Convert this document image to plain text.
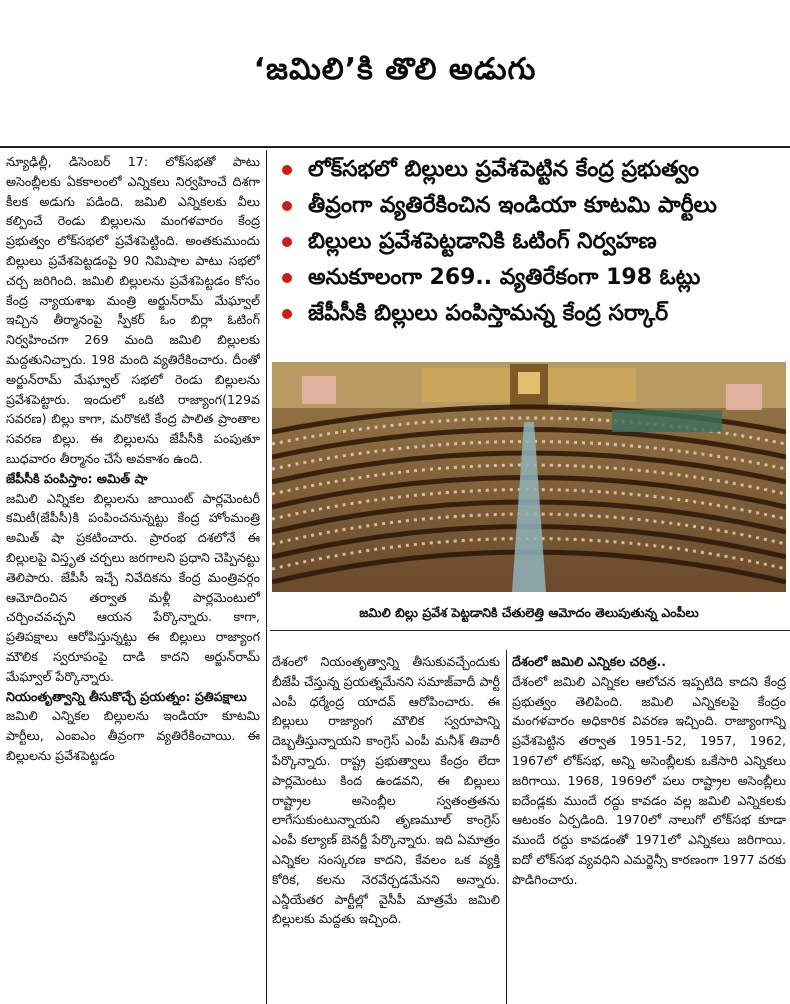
‘జమిలి’కి తొలి అడుగు

న్యూఢిల్లీ, డిసెంబర్ 17: లోక్‌సభతో పాటు అసెంబ్లీలకు ఏకకాలంలో ఎన్నికలు నిర్వహించే దిశగా కీలక అడుగు పడింది. జమిలి ఎన్నికలకు వీలు కల్పించే రెండు బిల్లులను మంగళవారం కేంద్ర ప్రభుత్వం లోక్‌సభలో ప్రవేశపెట్టింది. అంతకుముందు బిల్లులు ప్రవేశపెట్టడంపై 90 నిమిషాల పాటు సభలో చర్చ జరిగింది. జమిలి బిల్లులను ప్రవేశపెట్టడం కోసం కేంద్ర న్యాయశాఖ మంత్రి అర్జున్‌రామ్ మేఘ్వాల్ ఇచ్చిన తీర్మానంపై స్పీకర్ ఓం బిర్లా ఓటింగ్ నిర్వహించగా 269 మంది జమిలి బిల్లులకు మద్దతునిచ్చారు. 198 మంది వ్యతిరేకించారు. దీంతో అర్జున్‌రామ్ మేఘ్వాల్ సభలో రెండు బిల్లులను ప్రవేశపెట్టారు. ఇందులో ఒకటి రాజ్యాంగ(129వ సవరణ) బిల్లు కాగా, మరొకటి కేంద్ర పాలిత ప్రాంతాల సవరణ బిల్లు. ఈ బిల్లులను జేపీసీకి పంపుతూ బుధవారం తీర్మానం చేసే అవకాశం ఉంది.

జేపీసీకి పంపిస్తాం: అమిత్ షా

జమిలి ఎన్నికల బిల్లులను జాయింట్ పార్లమెంటరీ కమిటీ(జేపీసీ)కి పంపించనున్నట్టు కేంద్ర హోంమంత్రి అమిత్ షా ప్రకటించారు. ప్రారంభ దశలోనే ఈ బిల్లులపై విస్తృత చర్చలు జరగాలని ప్రధాని చెప్పినట్టు తెలిపారు. జేపీసీ ఇచ్చే నివేదికను కేంద్ర మంత్రివర్గం ఆమోదించిన తర్వాత మళ్లీ పార్లమెంటులో చర్చించవచ్చని ఆయన పేర్కొన్నారు. కాగా, ప్రతిపక్షాలు ఆరోపిస్తున్నట్టు ఈ బిల్లులు రాజ్యాంగ మౌలిక స్వరూపంపై దాడి కాదని అర్జున్‌రామ్ మేఘ్వాల్ పేర్కొన్నారు.

నియంతృత్వాన్ని తీసుకొచ్చే ప్రయత్నం: ప్రతిపక్షాలు

జమిలి ఎన్నికల బిల్లులను ఇండియా కూటమి పార్టీలు, ఎంఐఎం తీవ్రంగా వ్యతిరేకించాయి. ఈ బిల్లులను ప్రవేశపెట్టడం

లోక్‌సభలో బిల్లులు ప్రవేశపెట్టిన కేంద్ర ప్రభుత్వం
తీవ్రంగా వ్యతిరేకించిన ఇండియా కూటమి పార్టీలు
బిల్లులు ప్రవేశపెట్టడానికి ఓటింగ్ నిర్వహణ
అనుకూలంగా 269.. వ్యతిరేకంగా 198 ఓట్లు
జేపీసీకి బిల్లులు పంపిస్తామన్న కేంద్ర సర్కార్
జమిలి బిల్లు ప్రవేశ పెట్టడానికి చేతులెత్తి ఆమోదం తెలుపుతున్న ఎంపీలు

దేశంలో నియంతృత్వాన్ని తీసుకువచ్చేందుకు బీజేపీ చేస్తున్న ప్రయత్నమేనని సమాజ్‌వాదీ పార్టీ ఎంపీ ధర్మేంద్ర యాదవ్ ఆరోపించారు. ఈ బిల్లులు రాజ్యాంగ మౌలిక స్వరూపాన్ని దెబ్బతీస్తున్నాయని కాంగ్రెస్ ఎంపీ మనీశ్ తివారీ పేర్కొన్నారు. రాష్ట్ర ప్రభుత్వాలు కేంద్రం లేదా పార్లమెంటు కింద ఉండవని, ఈ బిల్లులు రాష్ట్రాల అసెంబ్లీల స్వతంత్రతను లాగేసుకుంటున్నాయని తృణమూల్ కాంగ్రెస్ ఎంపీ కల్యాణ్ బెనర్జీ పేర్కొన్నారు. ఇది ఏమాత్రం ఎన్నికల సంస్కరణ కాదని, కేవలం ఒక వ్యక్తి కోరిక, కలను నెరవేర్చడమేనని అన్నారు. ఎన్డీయేతర పార్టీల్లో వైసీపీ మాత్రమే జమిలి బిల్లులకు మద్దతు ఇచ్చింది.

దేశంలో జమిలి ఎన్నికల చరిత్ర..

దేశంలో జమిలి ఎన్నికల ఆలోచన ఇప్పటిది కాదని కేంద్ర ప్రభుత్వం తెలిపింది. జమిలి ఎన్నికలపై కేంద్రం మంగళవారం అధికారిక వివరణ ఇచ్చింది. రాజ్యాంగాన్ని ప్రవేశపెట్టిన తర్వాత 1951-52, 1957, 1962, 1967లో లోక్‌సభ, అన్ని అసెంబ్లీలకు ఒకేసారి ఎన్నికలు జరిగాయి. 1968, 1969లో పలు రాష్ట్రాల అసెంబ్లీలు ఐదేండ్లకు ముందే రద్దు కావడం వల్ల జమిలి ఎన్నికలకు ఆటంకం ఏర్పడింది. 1970లో నాలుగో లోక్‌సభ కూడా ముందే రద్దు కావడంతో 1971లో ఎన్నికలు జరిగాయి. ఐదో లోక్‌సభ వ్యవధిని ఎమర్జెన్సీ కారణంగా 1977 వరకు పొడిగించారు.
